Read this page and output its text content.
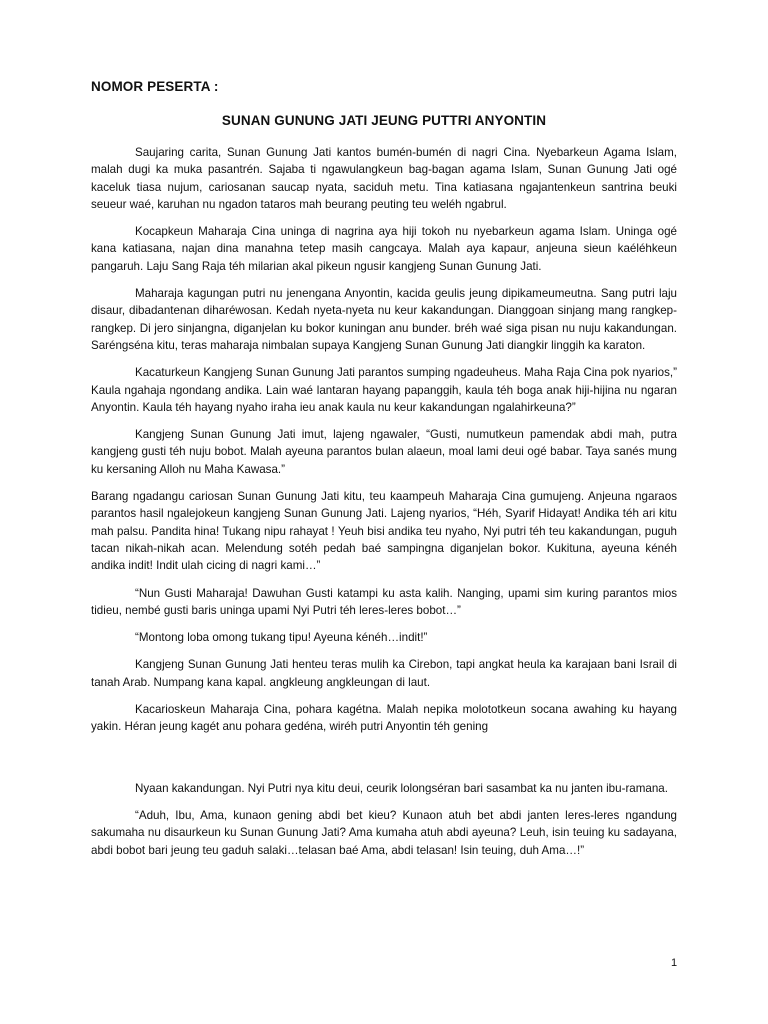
NOMOR PESERTA :
SUNAN GUNUNG JATI JEUNG PUTTRI ANYONTIN

Saujaring carita, Sunan Gunung Jati kantos bumén-bumén di nagri Cina. Nyebarkeun Agama Islam, malah dugi ka muka pasantrén. Sajaba ti ngawulangkeun bag-bagan agama Islam, Sunan Gunung Jati ogé kaceluk tiasa nujum, cariosanan saucap nyata, saciduh metu. Tina katiasana ngajantenkeun santrina beuki seueur waé, karuhan nu ngadon tataros mah beurang peuting teu weléh ngabrul.

Kocapkeun Maharaja Cina uninga di nagrina aya hiji tokoh nu nyebarkeun agama Islam. Uninga ogé kana katiasana, najan dina manahna tetep masih cangcaya. Malah aya kapaur, anjeuna sieun kaéléhkeun pangaruh. Laju Sang Raja téh milarian akal pikeun ngusir kangjeng Sunan Gunung Jati.

Maharaja kagungan putri nu jenengana Anyontin, kacida geulis jeung dipikameumeutna. Sang putri laju disaur, dibadantenan diharéwosan. Kedah nyeta-nyeta nu keur kakandungan. Dianggoan sinjang mang rangkep-rangkep. Di jero sinjangna, diganjelan ku bokor kuningan anu bunder. bréh waé siga pisan nu nuju kakandungan. Saréngséna kitu, teras maharaja nimbalan supaya Kangjeng Sunan Gunung Jati diangkir linggih ka karaton.

Kacaturkeun Kangjeng Sunan Gunung Jati parantos sumping ngadeuheus. Maha Raja Cina pok nyarios,” Kaula ngahaja ngondang andika. Lain waé lantaran hayang papanggih, kaula téh boga anak hiji-hijina nu ngaran Anyontin. Kaula téh hayang nyaho iraha ieu anak kaula nu keur kakandungan ngalahirkeuna?”

Kangjeng Sunan Gunung Jati imut, lajeng ngawaler, “Gusti, numutkeun pamendak abdi mah, putra kangjeng gusti téh nuju bobot. Malah ayeuna parantos bulan alaeun, moal lami deui ogé babar. Taya sanés mung ku kersaning Alloh nu Maha Kawasa.”

Barang ngadangu cariosan Sunan Gunung Jati kitu, teu kaampeuh Maharaja Cina gumujeng. Anjeuna ngaraos parantos hasil ngalejokeun kangjeng Sunan Gunung Jati. Lajeng nyarios, “Héh, Syarif Hidayat! Andika téh ari kitu mah palsu. Pandita hina! Tukang nipu rahayat ! Yeuh bisi andika teu nyaho, Nyi putri téh teu kakandungan, puguh tacan nikah-nikah acan. Melendung sotéh pedah baé sampingna diganjelan bokor. Kukituna, ayeuna kénéh andika indit! Indit ulah cicing di nagri kami…”

“Nun Gusti Maharaja! Dawuhan Gusti katampi ku asta kalih. Nanging, upami sim kuring parantos mios tidieu, nembé gusti baris uninga upami Nyi Putri téh leres-leres bobot…”

“Montong loba omong tukang tipu! Ayeuna kénéh…indit!”

Kangjeng Sunan Gunung Jati henteu teras mulih ka Cirebon, tapi angkat heula ka karajaan bani Israil di tanah Arab. Numpang kana kapal. angkleung angkleungan di laut.

Kacarioskeun Maharaja Cina, pohara kagétna. Malah nepika molototkeun socana awahing ku hayang yakin. Héran jeung kagét anu pohara gedéna, wiréh putri Anyontin téh gening

Nyaan kakandungan. Nyi Putri nya kitu deui, ceurik lolongséran bari sasambat ka nu janten ibu-ramana.

“Aduh, Ibu, Ama, kunaon gening abdi bet kieu? Kunaon atuh bet abdi janten leres-leres ngandung sakumaha nu disaurkeun ku Sunan Gunung Jati? Ama kumaha atuh abdi ayeuna? Leuh, isin teuing ku sadayana, abdi bobot bari jeung teu gaduh salaki…telasan baé Ama, abdi telasan! Isin teuing, duh Ama…!”

1
